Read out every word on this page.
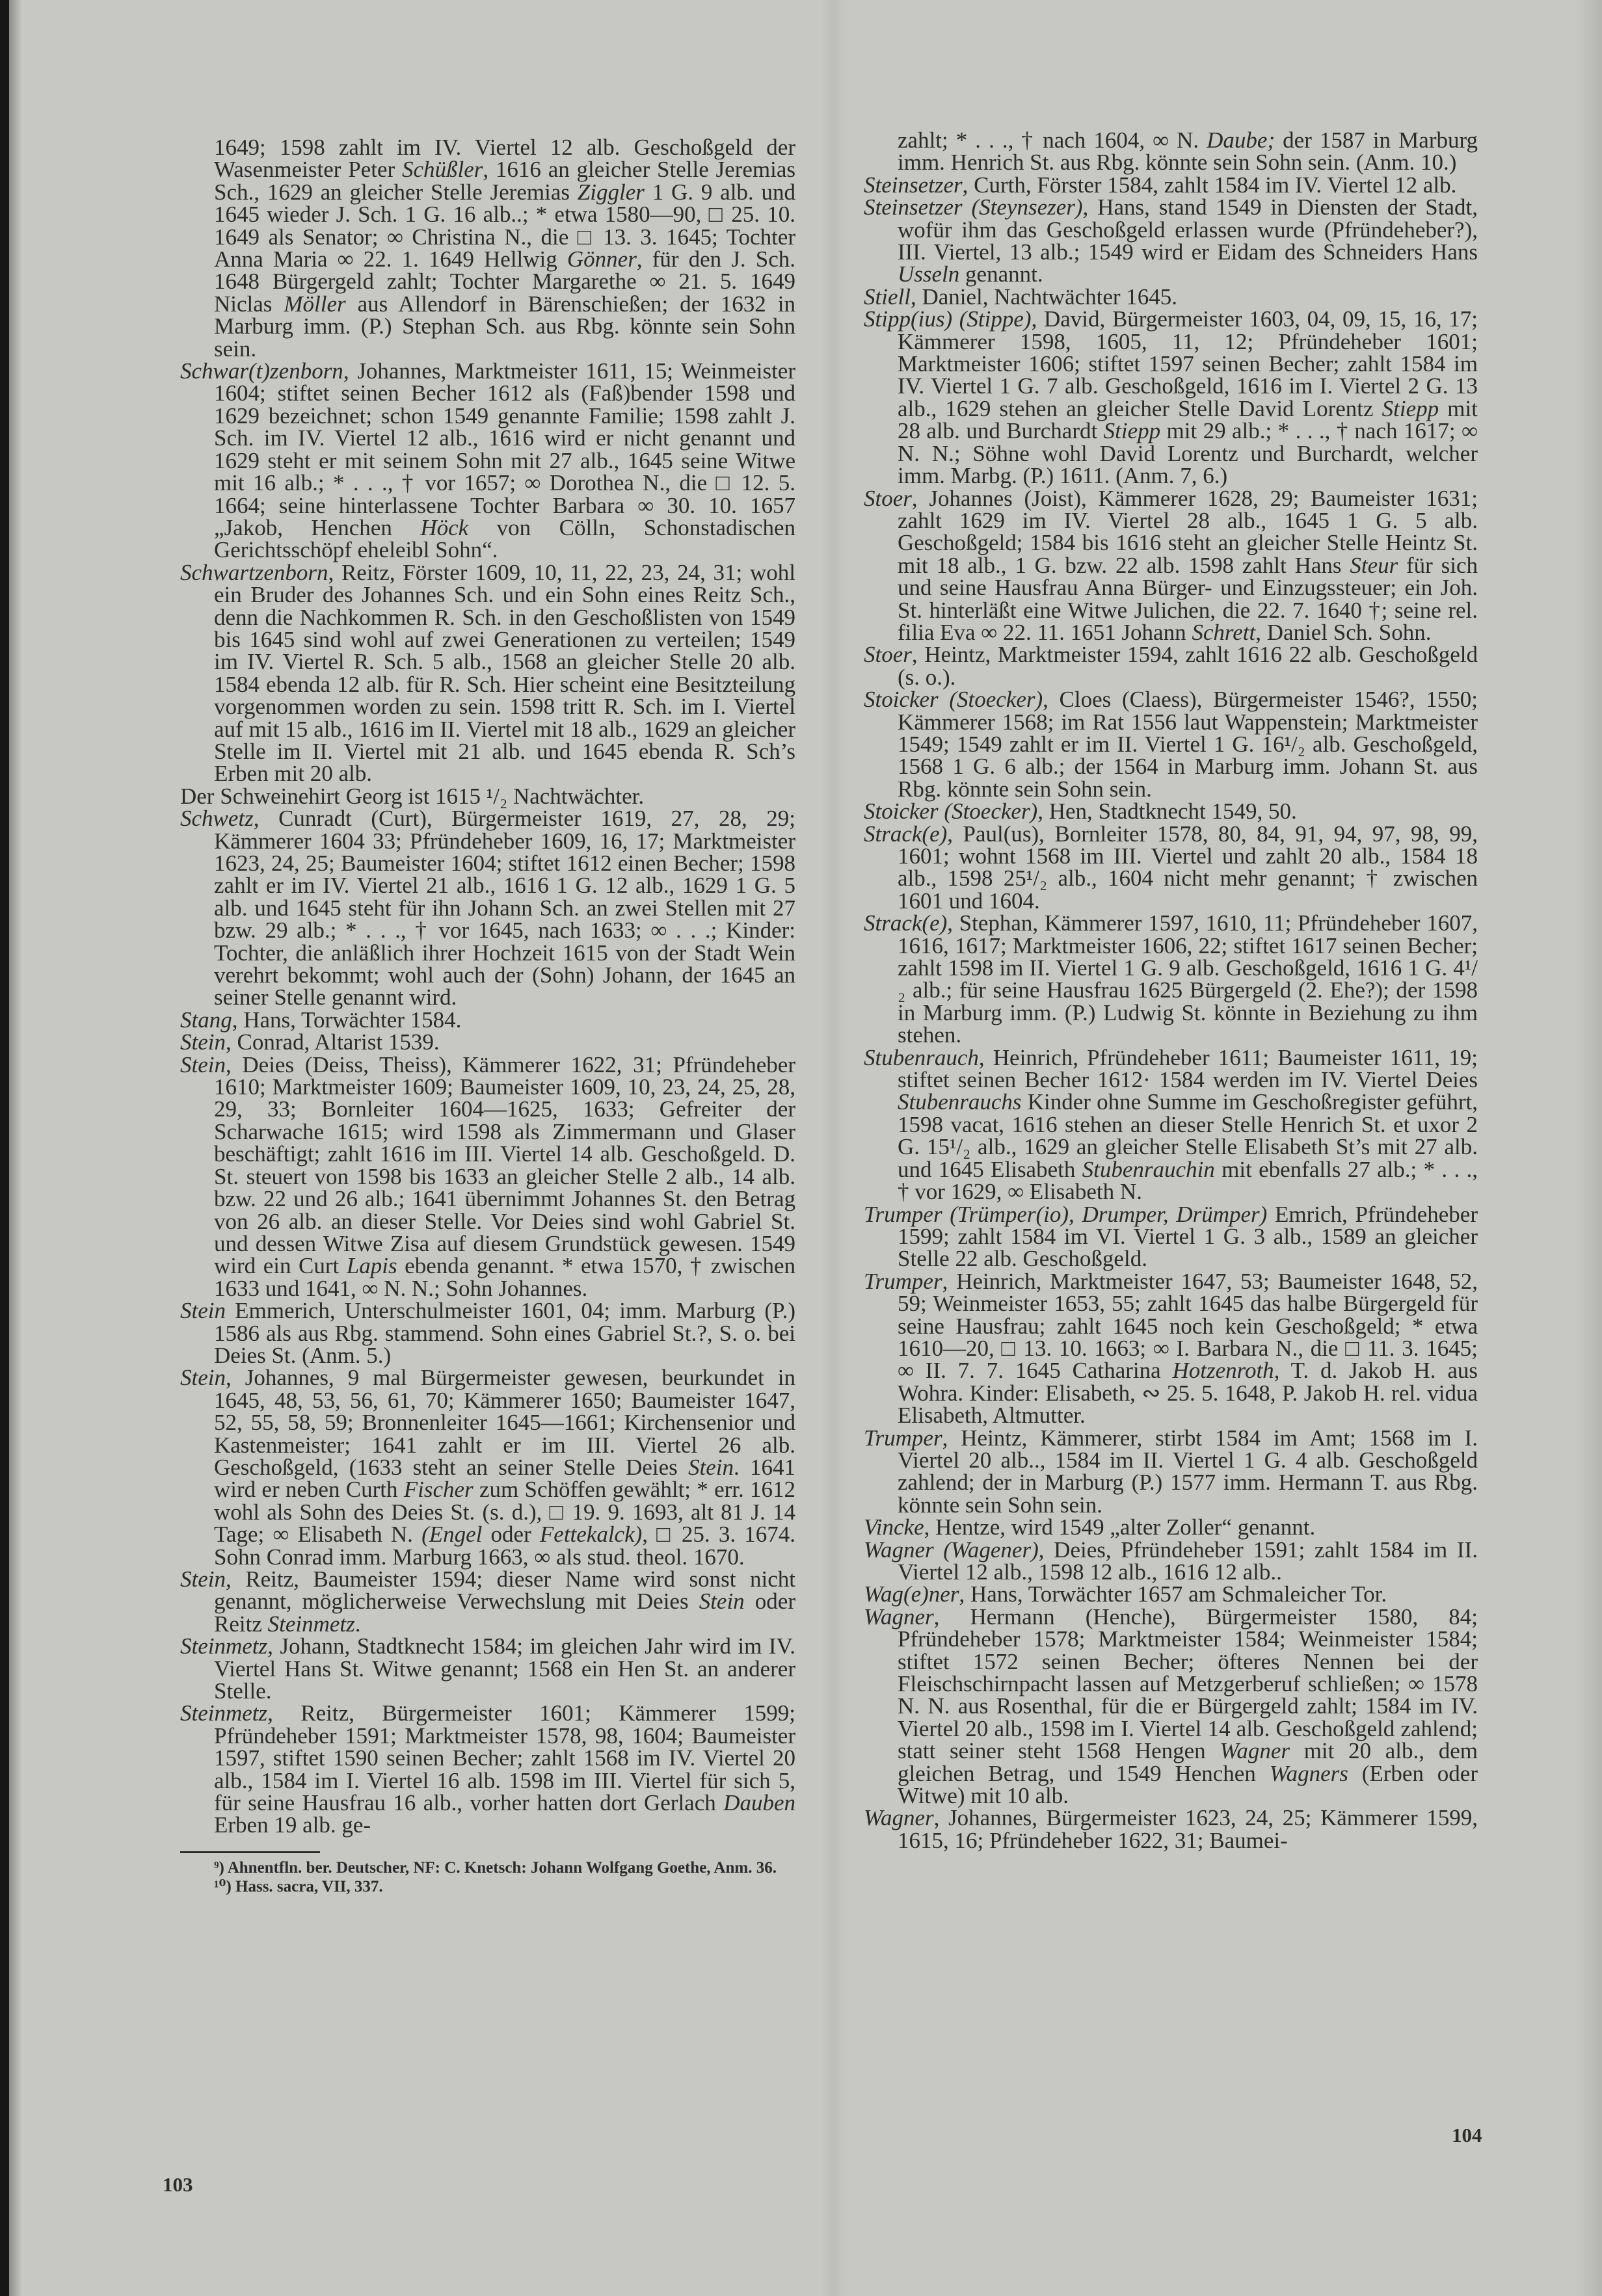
1649; 1598 zahlt im IV. Viertel 12 alb. Geschoßgeld der Wasenmeister Peter Schüßler, 1616 an gleicher Stelle Jeremias Sch., 1629 an gleicher Stelle Jeremias Ziggler 1 G. 9 alb. und 1645 wieder J. Sch. 1 G. 16 alb..; * etwa 1580—90, □ 25. 10. 1649 als Senator; ∞ Christina N., die □ 13. 3. 1645; Tochter Anna Maria ∞ 22. 1. 1649 Hellwig Gönner, für den J. Sch. 1648 Bürgergeld zahlt; Tochter Margarethe ∞ 21. 5. 1649 Niclas Möller aus Allendorf in Bärenschießen; der 1632 in Marburg imm. (P.) Stephan Sch. aus Rbg. könnte sein Sohn sein.

Schwar(t)zenborn, Johannes, Marktmeister 1611, 15; Weinmeister 1604; stiftet seinen Becher 1612 als (Faß)bender 1598 und 1629 bezeichnet; schon 1549 genannte Familie; 1598 zahlt J. Sch. im IV. Viertel 12 alb., 1616 wird er nicht genannt und 1629 steht er mit seinem Sohn mit 27 alb., 1645 seine Witwe mit 16 alb.; * . . ., † vor 1657; ∞ Dorothea N., die □ 12. 5. 1664; seine hinterlassene Tochter Barbara ∞ 30. 10. 1657 „Jakob, Henchen Höck von Cölln, Schonstadischen Gerichtsschöpf eheleibl Sohn“.

Schwartzenborn, Reitz, Förster 1609, 10, 11, 22, 23, 24, 31; wohl ein Bruder des Johannes Sch. und ein Sohn eines Reitz Sch., denn die Nachkommen R. Sch. in den Geschoßlisten von 1549 bis 1645 sind wohl auf zwei Generationen zu verteilen; 1549 im IV. Viertel R. Sch. 5 alb., 1568 an gleicher Stelle 20 alb. 1584 ebenda 12 alb. für R. Sch. Hier scheint eine Besitzteilung vorgenommen worden zu sein. 1598 tritt R. Sch. im I. Viertel auf mit 15 alb., 1616 im II. Viertel mit 18 alb., 1629 an gleicher Stelle im II. Viertel mit 21 alb. und 1645 ebenda R. Sch’s Erben mit 20 alb.

Der Schweinehirt Georg ist 1615 ¹/₂ Nachtwächter.

Schwetz, Cunradt (Curt), Bürgermeister 1619, 27, 28, 29; Kämmerer 1604 33; Pfründeheber 1609, 16, 17; Marktmeister 1623, 24, 25; Baumeister 1604; stiftet 1612 einen Becher; 1598 zahlt er im IV. Viertel 21 alb., 1616 1 G. 12 alb., 1629 1 G. 5 alb. und 1645 steht für ihn Johann Sch. an zwei Stellen mit 27 bzw. 29 alb.; * . . ., † vor 1645, nach 1633; ∞ . . .; Kinder: Tochter, die anläßlich ihrer Hochzeit 1615 von der Stadt Wein verehrt bekommt; wohl auch der (Sohn) Johann, der 1645 an seiner Stelle genannt wird.

Stang, Hans, Torwächter 1584.

Stein, Conrad, Altarist 1539.

Stein, Deies (Deiss, Theiss), Kämmerer 1622, 31; Pfründeheber 1610; Marktmeister 1609; Baumeister 1609, 10, 23, 24, 25, 28, 29, 33; Bornleiter 1604—1625, 1633; Gefreiter der Scharwache 1615; wird 1598 als Zimmermann und Glaser beschäftigt; zahlt 1616 im III. Viertel 14 alb. Geschoßgeld. D. St. steuert von 1598 bis 1633 an gleicher Stelle 2 alb., 14 alb. bzw. 22 und 26 alb.; 1641 übernimmt Johannes St. den Betrag von 26 alb. an dieser Stelle. Vor Deies sind wohl Gabriel St. und dessen Witwe Zisa auf diesem Grundstück gewesen. 1549 wird ein Curt Lapis ebenda genannt. * etwa 1570, † zwischen 1633 und 1641, ∞ N. N.; Sohn Johannes.

Stein Emmerich, Unterschulmeister 1601, 04; imm. Marburg (P.) 1586 als aus Rbg. stammend. Sohn eines Gabriel St.?, S. o. bei Deies St. (Anm. 5.)

Stein, Johannes, 9 mal Bürgermeister gewesen, beurkundet in 1645, 48, 53, 56, 61, 70; Kämmerer 1650; Baumeister 1647, 52, 55, 58, 59; Bronnenleiter 1645—1661; Kirchensenior und Kastenmeister; 1641 zahlt er im III. Viertel 26 alb. Geschoßgeld, (1633 steht an seiner Stelle Deies Stein. 1641 wird er neben Curth Fischer zum Schöffen gewählt; * err. 1612 wohl als Sohn des Deies St. (s. d.), □ 19. 9. 1693, alt 81 J. 14 Tage; ∞ Elisabeth N. (Engel oder Fettekalck), □ 25. 3. 1674. Sohn Conrad imm. Marburg 1663, ∞ als stud. theol. 1670.

Stein, Reitz, Baumeister 1594; dieser Name wird sonst nicht genannt, möglicherweise Verwechslung mit Deies Stein oder Reitz Steinmetz.

Steinmetz, Johann, Stadtknecht 1584; im gleichen Jahr wird im IV. Viertel Hans St. Witwe genannt; 1568 ein Hen St. an anderer Stelle.

Steinmetz, Reitz, Bürgermeister 1601; Kämmerer 1599; Pfründeheber 1591; Marktmeister 1578, 98, 1604; Baumeister 1597, stiftet 1590 seinen Becher; zahlt 1568 im IV. Viertel 20 alb., 1584 im I. Viertel 16 alb. 1598 im III. Viertel für sich 5, für seine Hausfrau 16 alb., vorher hatten dort Gerlach Dauben Erben 19 alb. ge-

⁹) Ahnentfln. ber. Deutscher, NF: C. Knetsch: Johann Wolfgang Goethe, Anm. 36.

¹⁰) Hass. sacra, VII, 337.

zahlt; * . . ., † nach 1604, ∞ N. Daube; der 1587 in Marburg imm. Henrich St. aus Rbg. könnte sein Sohn sein. (Anm. 10.)

Steinsetzer, Curth, Förster 1584, zahlt 1584 im IV. Viertel 12 alb.

Steinsetzer (Steynsezer), Hans, stand 1549 in Diensten der Stadt, wofür ihm das Geschoßgeld erlassen wurde (Pfründeheber?), III. Viertel, 13 alb.; 1549 wird er Eidam des Schneiders Hans Usseln genannt.

Stiell, Daniel, Nachtwächter 1645.

Stipp(ius) (Stippe), David, Bürgermeister 1603, 04, 09, 15, 16, 17; Kämmerer 1598, 1605, 11, 12; Pfründeheber 1601; Marktmeister 1606; stiftet 1597 seinen Becher; zahlt 1584 im IV. Viertel 1 G. 7 alb. Geschoßgeld, 1616 im I. Viertel 2 G. 13 alb., 1629 stehen an gleicher Stelle David Lorentz Stiepp mit 28 alb. und Burchardt Stiepp mit 29 alb.; * . . ., † nach 1617; ∞ N. N.; Söhne wohl David Lorentz und Burchardt, welcher imm. Marbg. (P.) 1611. (Anm. 7, 6.)

Stoer, Johannes (Joist), Kämmerer 1628, 29; Baumeister 1631; zahlt 1629 im IV. Viertel 28 alb., 1645 1 G. 5 alb. Geschoßgeld; 1584 bis 1616 steht an gleicher Stelle Heintz St. mit 18 alb., 1 G. bzw. 22 alb. 1598 zahlt Hans Steur für sich und seine Hausfrau Anna Bürger- und Einzugssteuer; ein Joh. St. hinterläßt eine Witwe Julichen, die 22. 7. 1640 †; seine rel. filia Eva ∞ 22. 11. 1651 Johann Schrett, Daniel Sch. Sohn.

Stoer, Heintz, Marktmeister 1594, zahlt 1616 22 alb. Geschoßgeld (s. o.).

Stoicker (Stoecker), Cloes (Claess), Bürgermeister 1546?, 1550; Kämmerer 1568; im Rat 1556 laut Wappenstein; Marktmeister 1549; 1549 zahlt er im II. Viertel 1 G. 16¹/₂ alb. Geschoßgeld, 1568 1 G. 6 alb.; der 1564 in Marburg imm. Johann St. aus Rbg. könnte sein Sohn sein.

Stoicker (Stoecker), Hen, Stadtknecht 1549, 50.

Strack(e), Paul(us), Bornleiter 1578, 80, 84, 91, 94, 97, 98, 99, 1601; wohnt 1568 im III. Viertel und zahlt 20 alb., 1584 18 alb., 1598 25¹/₂ alb., 1604 nicht mehr genannt; † zwischen 1601 und 1604.

Strack(e), Stephan, Kämmerer 1597, 1610, 11; Pfründeheber 1607, 1616, 1617; Marktmeister 1606, 22; stiftet 1617 seinen Becher; zahlt 1598 im II. Viertel 1 G. 9 alb. Geschoßgeld, 1616 1 G. 4¹/₂ alb.; für seine Hausfrau 1625 Bürgergeld (2. Ehe?); der 1598 in Marburg imm. (P.) Ludwig St. könnte in Beziehung zu ihm stehen.

Stubenrauch, Heinrich, Pfründeheber 1611; Baumeister 1611, 19; stiftet seinen Becher 1612· 1584 werden im IV. Viertel Deies Stubenrauchs Kinder ohne Summe im Geschoßregister geführt, 1598 vacat, 1616 stehen an dieser Stelle Henrich St. et uxor 2 G. 15¹/₂ alb., 1629 an gleicher Stelle Elisabeth St’s mit 27 alb. und 1645 Elisabeth Stubenrauchin mit ebenfalls 27 alb.; * . . ., † vor 1629, ∞ Elisabeth N.

Trumper (Trümper(io), Drumper, Drümper) Emrich, Pfründeheber 1599; zahlt 1584 im VI. Viertel 1 G. 3 alb., 1589 an gleicher Stelle 22 alb. Geschoßgeld.

Trumper, Heinrich, Marktmeister 1647, 53; Baumeister 1648, 52, 59; Weinmeister 1653, 55; zahlt 1645 das halbe Bürgergeld für seine Hausfrau; zahlt 1645 noch kein Geschoßgeld; * etwa 1610—20, □ 13. 10. 1663; ∞ I. Barbara N., die □ 11. 3. 1645; ∞ II. 7. 7. 1645 Catharina Hotzenroth, T. d. Jakob H. aus Wohra. Kinder: Elisabeth, ∾ 25. 5. 1648, P. Jakob H. rel. vidua Elisabeth, Altmutter.

Trumper, Heintz, Kämmerer, stirbt 1584 im Amt; 1568 im I. Viertel 20 alb.., 1584 im II. Viertel 1 G. 4 alb. Geschoßgeld zahlend; der in Marburg (P.) 1577 imm. Hermann T. aus Rbg. könnte sein Sohn sein.

Vincke, Hentze, wird 1549 „alter Zoller“ genannt.

Wagner (Wagener), Deies, Pfründeheber 1591; zahlt 1584 im II. Viertel 12 alb., 1598 12 alb., 1616 12 alb..

Wag(e)ner, Hans, Torwächter 1657 am Schmaleicher Tor.

Wagner, Hermann (Henche), Bürgermeister 1580, 84; Pfründeheber 1578; Marktmeister 1584; Weinmeister 1584; stiftet 1572 seinen Becher; öfteres Nennen bei der Fleischschirnpacht lassen auf Metzgerberuf schließen; ∞ 1578 N. N. aus Rosenthal, für die er Bürgergeld zahlt; 1584 im IV. Viertel 20 alb., 1598 im I. Viertel 14 alb. Geschoßgeld zahlend; statt seiner steht 1568 Hengen Wagner mit 20 alb., dem gleichen Betrag, und 1549 Henchen Wagners (Erben oder Witwe) mit 10 alb.

Wagner, Johannes, Bürgermeister 1623, 24, 25; Kämmerer 1599, 1615, 16; Pfründeheber 1622, 31; Baumei-

103
104
